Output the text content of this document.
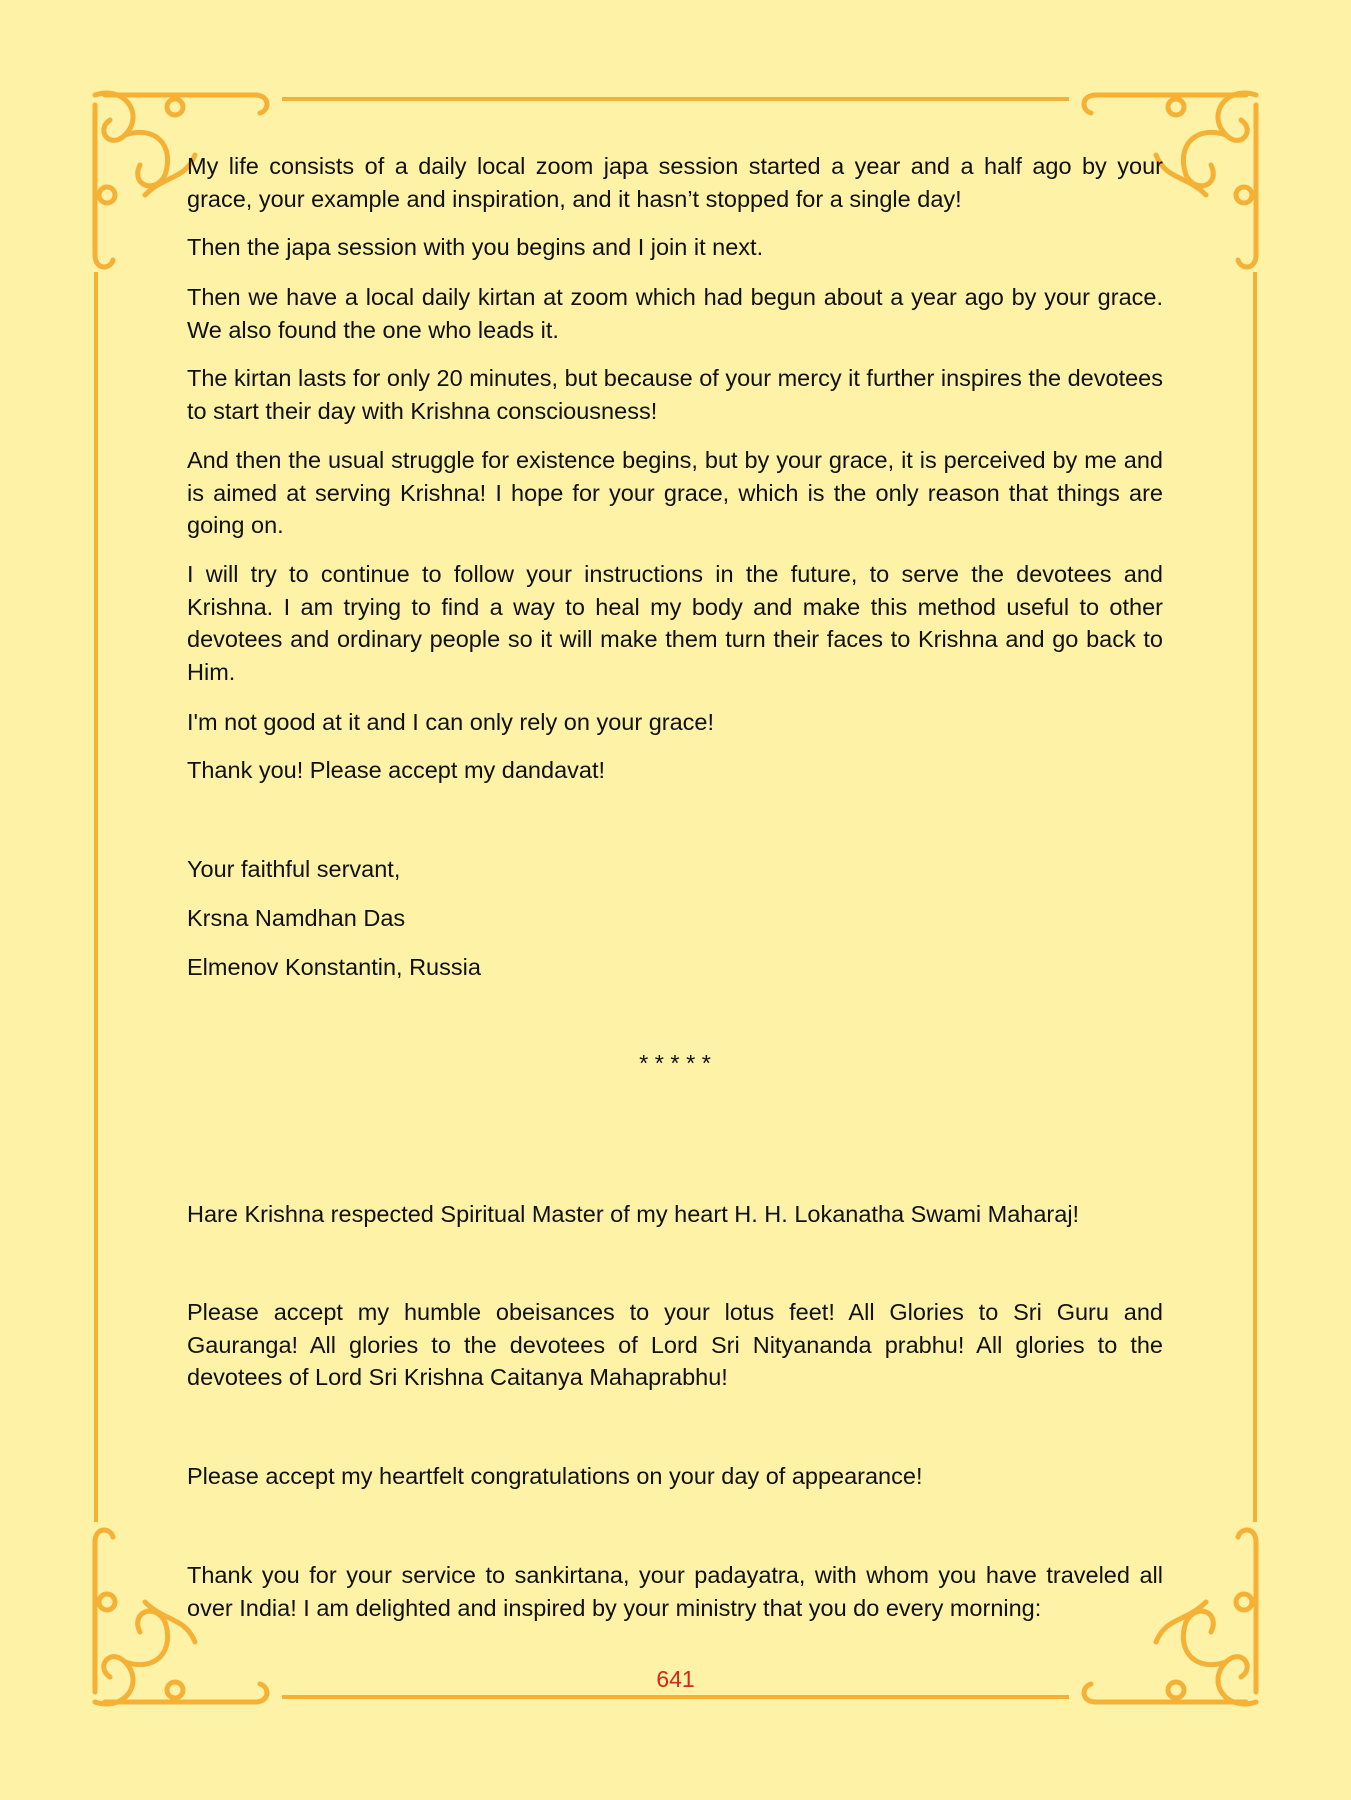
My life consists of a daily local zoom japa session started a year and a half ago by your grace, your example and inspiration, and it hasn’t stopped for a single day!

Then the japa session with you begins and I join it next.

Then we have a local daily kirtan at zoom which had begun about a year ago by your grace. We also found the one who leads it.

The kirtan lasts for only 20 minutes, but because of your mercy it further inspires the devotees to start their day with Krishna consciousness!

And then the usual struggle for existence begins, but by your grace, it is perceived by me and is aimed at serving Krishna! I hope for your grace, which is the only reason that things are going on.

I will try to continue to follow your instructions in the future, to serve the devotees and Krishna. I am trying to find a way to heal my body and make this method useful to other devotees and ordinary people so it will make them turn their faces to Krishna and go back to Him.

I'm not good at it and I can only rely on your grace!

Thank you! Please accept my dandavat!

Your faithful servant,

Krsna Namdhan Das

Elmenov Konstantin, Russia

* * * * *

Hare Krishna respected Spiritual Master of my heart H. H. Lokanatha Swami Maharaj!

Please accept my humble obeisances to your lotus feet! All Glories to Sri Guru and Gauranga! All glories to the devotees of Lord Sri Nityananda prabhu! All glories to the devotees of Lord Sri Krishna Caitanya Mahaprabhu!

Please accept my heartfelt congratulations on your day of appearance!

Thank you for your service to sankirtana, your padayatra, with whom you have traveled all over India! I am delighted and inspired by your ministry that you do every morning:

641
